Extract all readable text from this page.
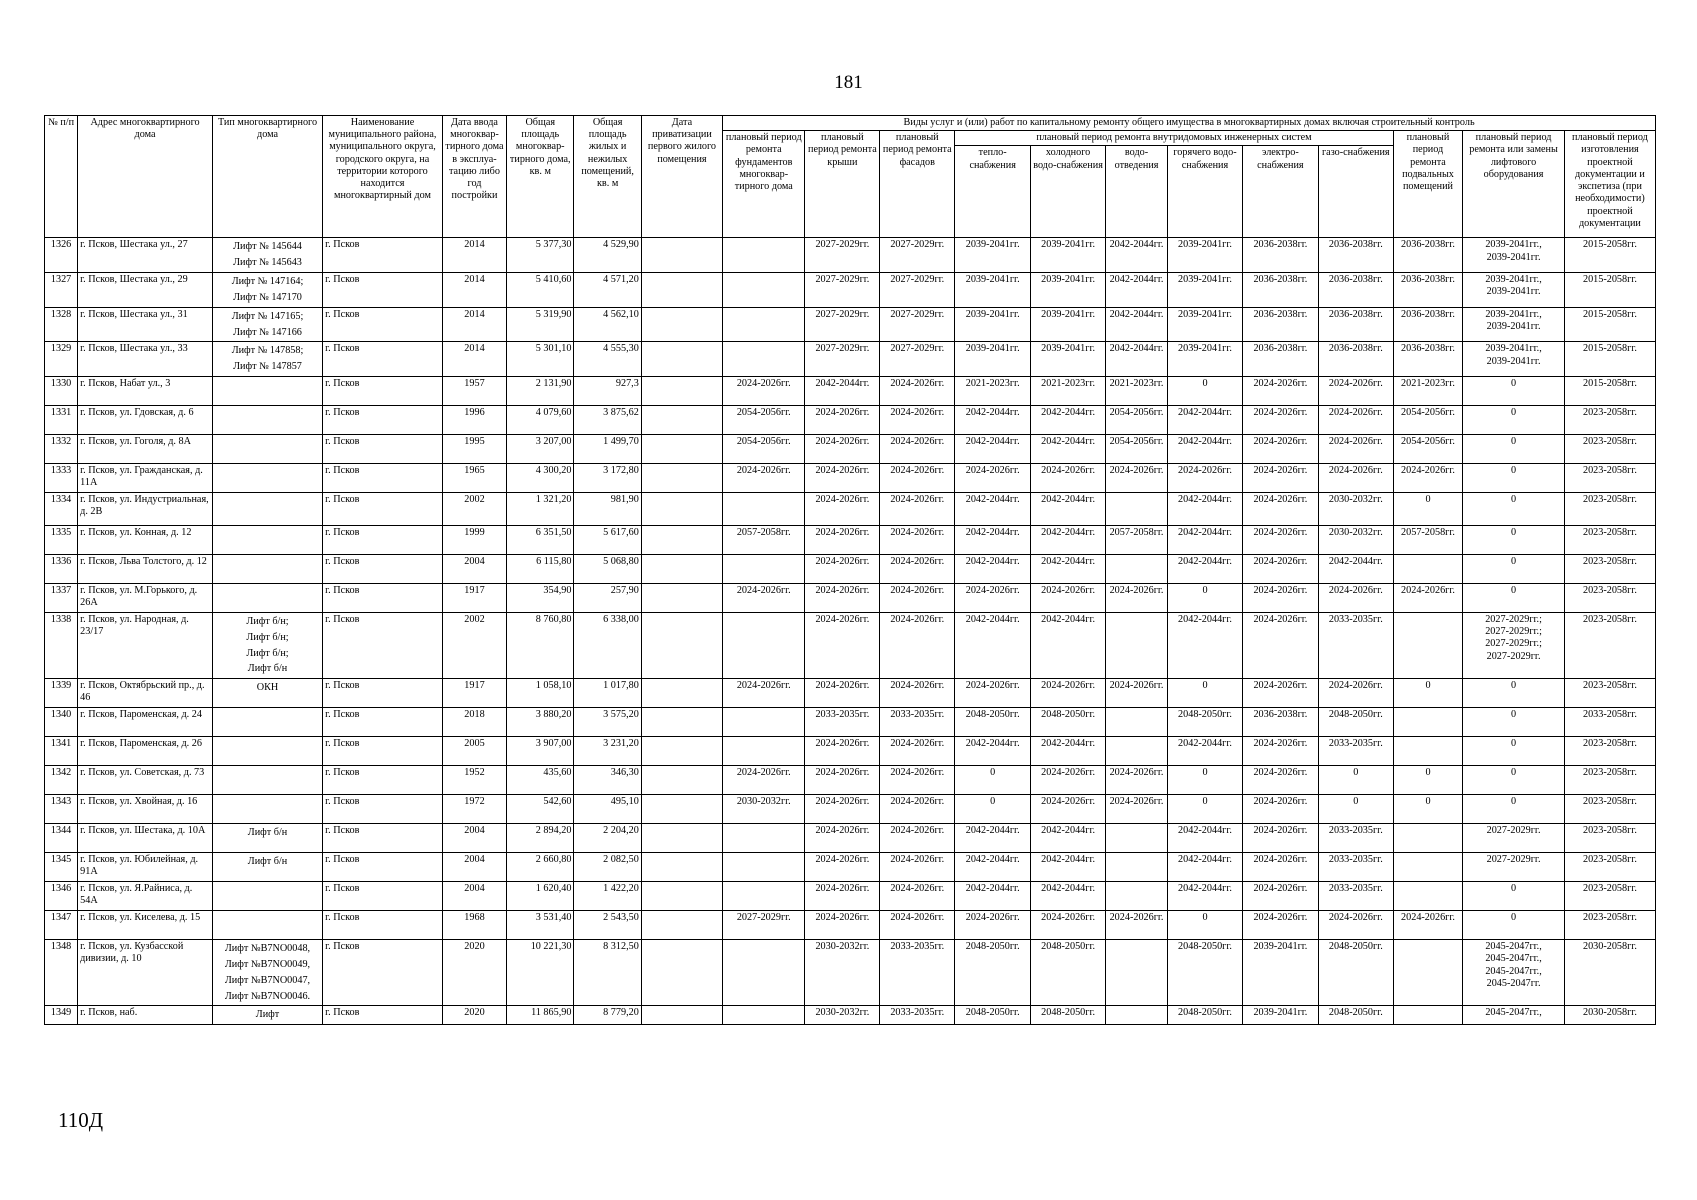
181
№ п/п	Адрес многоквартирного дома	Тип многоквартирного дома	Наименование муниципального района, муниципального округа, городского округа, на территории которого находится многоквартирный дом	Дата ввода многоквар-тирного дома в эксплуа-тацию либо год постройки	Общая площадь многоквар-тирного дома, кв. м	Общая площадь жилых и нежилых помещений, кв. м	Дата приватизации первого жилого помещения	Виды услуг и (или) работ по капитальному ремонту общего имущества в многоквартирных домах включая строительный контроль											
								плановый период ремонта фундаментов многоквар-тирного дома	плановый период ремонта крыши	плановый период ремонта фасадов	плановый период ремонта внутридомовых инженерных систем						плановый период ремонта подвальных помещений	плановый период ремонта или замены лифтового оборудования	плановый период изготовления проектной документации и экспетиза (при необходимости) проектной документации
											тепло-снабжения	холодного водо-снабжения	водо-отведения	горячего водо-снабжения	электро-снабжения	газо-снабжения			
1326	г. Псков, Шестака ул., 27	Лифт № 145644
Лифт № 145643	г. Псков	2014	5 377,30	4 529,90			2027-2029гг.	2027-2029гг.	2039-2041гг.	2039-2041гг.	2042-2044гг.	2039-2041гг.	2036-2038гг.	2036-2038гг.	2036-2038гг.	2039-2041гг.,
2039-2041гг.	2015-2058гг.
1327	г. Псков, Шестака ул., 29	Лифт № 147164;
Лифт № 147170	г. Псков	2014	5 410,60	4 571,20			2027-2029гг.	2027-2029гг.	2039-2041гг.	2039-2041гг.	2042-2044гг.	2039-2041гг.	2036-2038гг.	2036-2038гг.	2036-2038гг.	2039-2041гг.,
2039-2041гг.	2015-2058гг.
1328	г. Псков, Шестака ул., 31	Лифт № 147165;
Лифт № 147166	г. Псков	2014	5 319,90	4 562,10			2027-2029гг.	2027-2029гг.	2039-2041гг.	2039-2041гг.	2042-2044гг.	2039-2041гг.	2036-2038гг.	2036-2038гг.	2036-2038гг.	2039-2041гг.,
2039-2041гг.	2015-2058гг.
1329	г. Псков, Шестака ул., 33	Лифт № 147858;
Лифт № 147857	г. Псков	2014	5 301,10	4 555,30			2027-2029гг.	2027-2029гг.	2039-2041гг.	2039-2041гг.	2042-2044гг.	2039-2041гг.	2036-2038гг.	2036-2038гг.	2036-2038гг.	2039-2041гг.,
2039-2041гг.	2015-2058гг.
1330	г. Псков, Набат ул., 3		г. Псков	1957	2 131,90	927,3		2024-2026гг.	2042-2044гг.	2024-2026гг.	2021-2023гг.	2021-2023гг.	2021-2023гг.	0	2024-2026гг.	2024-2026гг.	2021-2023гг.	0	2015-2058гг.
1331	г. Псков, ул. Гдовская, д. 6		г. Псков	1996	4 079,60	3 875,62		2054-2056гг.	2024-2026гг.	2024-2026гг.	2042-2044гг.	2042-2044гг.	2054-2056гг.	2042-2044гг.	2024-2026гг.	2024-2026гг.	2054-2056гг.	0	2023-2058гг.
1332	г. Псков, ул. Гоголя, д. 8А		г. Псков	1995	3 207,00	1 499,70		2054-2056гг.	2024-2026гг.	2024-2026гг.	2042-2044гг.	2042-2044гг.	2054-2056гг.	2042-2044гг.	2024-2026гг.	2024-2026гг.	2054-2056гг.	0	2023-2058гг.
1333	г. Псков, ул. Гражданская, д. 11А		г. Псков	1965	4 300,20	3 172,80		2024-2026гг.	2024-2026гг.	2024-2026гг.	2024-2026гг.	2024-2026гг.	2024-2026гг.	2024-2026гг.	2024-2026гг.	2024-2026гг.	2024-2026гг.	0	2023-2058гг.
1334	г. Псков, ул. Индустриальная, д. 2В		г. Псков	2002	1 321,20	981,90			2024-2026гг.	2024-2026гг.	2042-2044гг.	2042-2044гг.		2042-2044гг.	2024-2026гг.	2030-2032гг.	0	0	2023-2058гг.
1335	г. Псков, ул. Конная, д. 12		г. Псков	1999	6 351,50	5 617,60		2057-2058гг.	2024-2026гг.	2024-2026гг.	2042-2044гг.	2042-2044гг.	2057-2058гг.	2042-2044гг.	2024-2026гг.	2030-2032гг.	2057-2058гг.	0	2023-2058гг.
1336	г. Псков, Льва Толстого, д. 12		г. Псков	2004	6 115,80	5 068,80			2024-2026гг.	2024-2026гг.	2042-2044гг.	2042-2044гг.		2042-2044гг.	2024-2026гг.	2042-2044гг.		0	2023-2058гг.
1337	г. Псков, ул. М.Горького, д. 26А		г. Псков	1917	354,90	257,90		2024-2026гг.	2024-2026гг.	2024-2026гг.	2024-2026гг.	2024-2026гг.	2024-2026гг.	0	2024-2026гг.	2024-2026гг.	2024-2026гг.	0	2023-2058гг.
1338	г. Псков, ул. Народная, д. 23/17	Лифт б/н;
Лифт б/н;
Лифт б/н;
Лифт б/н	г. Псков	2002	8 760,80	6 338,00			2024-2026гг.	2024-2026гг.	2042-2044гг.	2042-2044гг.		2042-2044гг.	2024-2026гг.	2033-2035гг.		2027-2029гг.;
2027-2029гг.;
2027-2029гг.;
2027-2029гг.	2023-2058гг.
1339	г. Псков, Октябрьский пр., д. 46	ОКН	г. Псков	1917	1 058,10	1 017,80		2024-2026гг.	2024-2026гг.	2024-2026гг.	2024-2026гг.	2024-2026гг.	2024-2026гг.	0	2024-2026гг.	2024-2026гг.	0	0	2023-2058гг.
1340	г. Псков, Пароменская, д. 24		г. Псков	2018	3 880,20	3 575,20			2033-2035гг.	2033-2035гг.	2048-2050гг.	2048-2050гг.		2048-2050гг.	2036-2038гг.	2048-2050гг.		0	2033-2058гг.
1341	г. Псков, Пароменская, д. 26		г. Псков	2005	3 907,00	3 231,20			2024-2026гг.	2024-2026гг.	2042-2044гг.	2042-2044гг.		2042-2044гг.	2024-2026гг.	2033-2035гг.		0	2023-2058гг.
1342	г. Псков, ул. Советская, д. 73		г. Псков	1952	435,60	346,30		2024-2026гг.	2024-2026гг.	2024-2026гг.	0	2024-2026гг.	2024-2026гг.	0	2024-2026гг.	0	0	0	2023-2058гг.
1343	г. Псков, ул. Хвойная, д. 16		г. Псков	1972	542,60	495,10		2030-2032гг.	2024-2026гг.	2024-2026гг.	0	2024-2026гг.	2024-2026гг.	0	2024-2026гг.	0	0	0	2023-2058гг.
1344	г. Псков, ул. Шестака, д. 10А	Лифт б/н	г. Псков	2004	2 894,20	2 204,20			2024-2026гг.	2024-2026гг.	2042-2044гг.	2042-2044гг.		2042-2044гг.	2024-2026гг.	2033-2035гг.		2027-2029гг.	2023-2058гг.
1345	г. Псков, ул. Юбилейная, д. 91А	Лифт б/н	г. Псков	2004	2 660,80	2 082,50			2024-2026гг.	2024-2026гг.	2042-2044гг.	2042-2044гг.		2042-2044гг.	2024-2026гг.	2033-2035гг.		2027-2029гг.	2023-2058гг.
1346	г. Псков, ул. Я.Райниса, д. 54А		г. Псков	2004	1 620,40	1 422,20			2024-2026гг.	2024-2026гг.	2042-2044гг.	2042-2044гг.		2042-2044гг.	2024-2026гг.	2033-2035гг.		0	2023-2058гг.
1347	г. Псков, ул. Киселева, д. 15		г. Псков	1968	3 531,40	2 543,50		2027-2029гг.	2024-2026гг.	2024-2026гг.	2024-2026гг.	2024-2026гг.	2024-2026гг.	0	2024-2026гг.	2024-2026гг.	2024-2026гг.	0	2023-2058гг.
1348	г. Псков, ул. Кузбасской дивизии, д. 10	Лифт №B7NO0048,
Лифт №B7NO0049,
Лифт №B7NO0047,
Лифт №B7NO0046.	г. Псков	2020	10 221,30	8 312,50			2030-2032гг.	2033-2035гг.	2048-2050гг.	2048-2050гг.		2048-2050гг.	2039-2041гг.	2048-2050гг.		2045-2047гг.,
2045-2047гг.,
2045-2047гг.,
2045-2047гг.	2030-2058гг.
1349	г. Псков, наб.	Лифт	г. Псков	2020	11 865,90	8 779,20			2030-2032гг.	2033-2035гг.	2048-2050гг.	2048-2050гг.		2048-2050гг.	2039-2041гг.	2048-2050гг.		2045-2047гг.,	2030-2058гг.
110Д
